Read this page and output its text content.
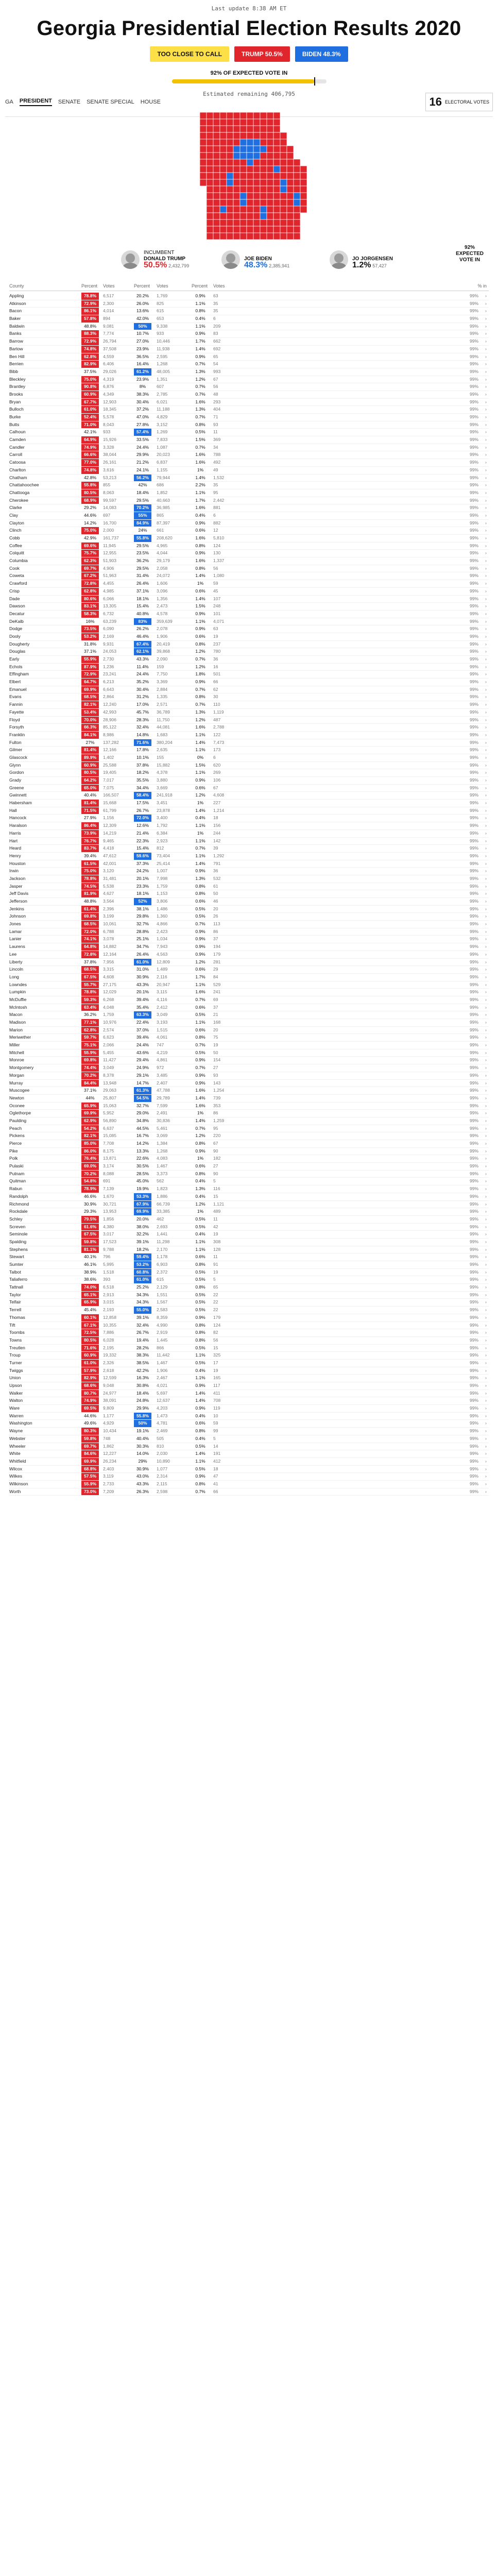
Last update 8:38 AM ET
Georgia Presidential Election Results 2020
TOO CLOSE TO CALL	TRUMP 50.5%	BIDEN 48.3%
92% OF EXPECTED VOTE IN
Estimated remaining 406,795
GA PRESIDENT SENATE SENATE SPECIAL HOUSE	16 ELECTORAL VOTES
INCUMBENT
DONALD TRUMP
50.5% 2,432,799

JOE BIDEN
48.3% 2,385,941

JO JORGENSEN
1.2% 57,427
92%
EXPECTED
VOTE IN
County	Percent Votes	Percent Votes	Percent Votes	% in
Appling	78.8%	6,517	20.2%	1,769	0.9%	63	99% ›
Atkinson	72.9%	2,300	26.0%	825	1.1%	35	99% ›
Bacon	86.1%	4,014	13.6%	615	0.8%	35	99% ›
Baker	57.8%	894	42.0%	653	0.4%	6	99% ›
Baldwin	48.8%	9,081	50%	9,338	1.1%	209	99% ›
Banks	88.3%	7,774	10.7%	933	0.9%	83	99% ›
Barrow	72.9%	26,794	27.0%	10,446	1.7%	662	99% ›
Bartow	74.8%	37,508	23.9%	11,938	1.4%	692	99% ›
Ben Hill	62.8%	4,559	36.5%	2,595	0.9%	65	99% ›
Berrien	82.9%	6,406	16.4%	1,268	0.7%	54	99% ›
Bibb	37.5%	29,026	61.2%	48,005	1.3%	993	99% ›
Bleckley	75.0%	4,319	23.9%	1,351	1.2%	67	99% ›
Brantley	90.8%	6,876	8%	607	0.7%	56	99% ›
Brooks	60.9%	4,349	38.3%	2,785	0.7%	48	99% ›
Bryan	67.7%	12,903	30.4%	6,021	1.6%	293	99% ›
Bulloch	61.0%	18,345	37.2%	11,188	1.3%	404	99% ›
Burke	52.4%	5,578	47.0%	4,829	0.7%	71	99% ›
Butts	71.0%	8,043	27.8%	3,152	0.8%	93	99% ›
Calhoun	42.1%	933	57.4%	1,269	0.5%	11	99% ›
Camden	64.9%	15,926	33.5%	7,833	1.5%	369	99% ›
Candler	74.9%	3,328	24.4%	1,087	0.7%	34	99% ›
Carroll	66.6%	38,044	29.9%	20,023	1.6%	788	99% ›
Catoosa	77.0%	26,161	21.2%	6,837	1.6%	492	99% ›
Charlton	74.8%	3,616	24.1%	1,155	1%	49	99% ›
Chatham	42.8%	53,213	56.2%	79,944	1.4%	1,532	99% ›
Chattahoochee	55.8%	855	42%	686	2.2%	35	99% ›
Chattooga	80.5%	8,063	18.4%	1,852	1.1%	95	99% ›
Cherokee	68.9%	99,597	29.5%	40,663	1.7%	2,442	99% ›
Clarke	29.2%	14,083	70.2%	36,985	1.6%	881	99% ›
Clay	44.6%	697	55%	865	0.4%	6	99% ›
Clayton	14.2%	16,700	84.9%	87,397	0.9%	882	99% ›
Clinch	75.0%	2,000	24%	661	0.6%	12	99% ›
Cobb	42.9%	161,737	55.8%	208,620	1.6%	5,810	99% ›
Coffee	69.6%	11,945	29.5%	4,965	0.8%	124	99% ›
Colquitt	75.7%	12,955	23.5%	4,044	0.9%	130	99% ›
Columbia	62.3%	51,903	36.2%	29,179	1.6%	1,337	99% ›
Cook	69.7%	4,906	29.5%	2,058	0.8%	56	99% ›
Coweta	67.2%	51,963	31.4%	24,072	1.4%	1,080	99% ›
Crawford	72.8%	4,455	26.4%	1,606	1%	59	99% ›
Crisp	62.8%	4,985	37.1%	3,096	0.6%	45	99% ›
Dade	80.6%	6,066	18.1%	1,356	1.4%	107	99% ›
Dawson	83.1%	13,305	15.4%	2,473	1.5%	248	99% ›
Decatur	58.3%	6,732	40.8%	4,578	0.9%	101	99% ›
DeKalb	16%	63,239	83%	359,639	1.1%	4,071	99% ›
Dodge	73.5%	6,090	26.2%	2,078	0.9%	63	99% ›
Dooly	53.2%	2,169	46.4%	1,906	0.6%	19	99% ›
Dougherty	31.8%	9,931	67.4%	20,419	0.8%	237	99% ›
Douglas	37.1%	24,053	62.1%	39,868	1.2%	780	99% ›
Early	55.9%	2,730	43.3%	2,090	0.7%	36	99% ›
Echols	87.9%	1,236	11.4%	159	1.2%	16	99% ›
Effingham	72.9%	23,241	24.4%	7,750	1.8%	501	99% ›
Elbert	64.7%	6,213	35.2%	3,369	0.9%	66	99% ›
Emanuel	69.9%	6,643	30.4%	2,884	0.7%	62	99% ›
Evans	68.5%	2,864	31.2%	1,335	0.8%	30	99% ›
Fannin	82.1%	12,240	17.0%	2,571	0.7%	110	99% ›
Fayette	53.4%	42,993	45.7%	36,789	1.3%	1,119	99% ›
Floyd	70.0%	28,906	28.3%	11,750	1.2%	487	99% ›
Forsyth	66.3%	85,122	32.4%	44,081	1.6%	2,788	99% ›
Franklin	84.1%	8,986	14.8%	1,683	1.1%	122	99% ›
Fulton	27%	137,282	71.6%	380,204	1.4%	7,473	99% ›
Gilmer	81.4%	12,166	17.8%	2,635	1.1%	173	99% ›
Glascock	89.9%	1,402	10.1%	155	0%	6	99% ›
Glynn	60.9%	25,588	37.8%	15,882	1.5%	620	99% ›
Gordon	80.5%	19,405	18.2%	4,378	1.1%	269	99% ›
Grady	64.2%	7,017	35.5%	3,880	0.9%	106	99% ›
Greene	65.0%	7,075	34.4%	3,669	0.6%	67	99% ›
Gwinnett	40.4%	166,507	58.4%	241,918	1.2%	4,608	99% ›
Habersham	81.4%	15,668	17.5%	3,451	1%	227	99% ›
Hall	71.5%	61,799	26.7%	23,878	1.4%	1,214	99% ›
Hancock	27.9%	1,156	72.0%	3,400	0.4%	18	99% ›
Haralson	86.4%	12,309	12.6%	1,792	1.1%	156	99% ›
Harris	73.9%	14,219	21.4%	6,384	1%	244	99% ›
Hart	76.7%	9,465	22.3%	2,923	1.1%	142	99% ›
Heard	83.7%	4,418	15.4%	812	0.7%	39	99% ›
Henry	39.4%	47,612	59.6%	73,404	1.1%	1,292	99% ›
Houston	61.5%	42,001	37.3%	25,414	1.4%	791	99% ›
Irwin	75.0%	3,120	24.2%	1,007	0.9%	36	99% ›
Jackson	78.8%	31,481	20.1%	7,998	1.3%	532	99% ›
Jasper	74.5%	5,538	23.3%	1,759	0.8%	61	99% ›
Jeff Davis	81.9%	4,627	18.1%	1,153	0.8%	50	99% ›
Jefferson	48.8%	3,564	52%	3,806	0.6%	46	99% ›
Jenkins	61.4%	2,396	38.1%	1,486	0.5%	20	99% ›
Johnson	69.8%	3,199	29.8%	1,360	0.5%	26	99% ›
Jones	68.5%	10,061	32.7%	4,866	0.7%	113	99% ›
Lamar	72.0%	6,788	28.8%	2,423	0.9%	86	99% ›
Lanier	74.1%	3,078	25.1%	1,034	0.9%	37	99% ›
Laurens	64.8%	14,882	34.7%	7,943	0.9%	194	99% ›
Lee	72.8%	12,164	26.4%	4,563	0.9%	179	99% ›
Liberty	37.8%	7,956	61.0%	12,809	1.2%	281	99% ›
Lincoln	68.5%	3,315	31.0%	1,489	0.6%	29	99% ›
Long	67.5%	4,608	30.9%	2,116	1.7%	84	99% ›
Lowndes	55.7%	27,175	43.3%	20,947	1.1%	529	99% ›
Lumpkin	78.8%	12,029	20.1%	3,115	1.6%	241	99% ›
McDuffie	59.3%	6,268	39.4%	4,116	0.7%	69	99% ›
McIntosh	63.4%	4,048	35.4%	2,412	0.6%	37	99% ›
Macon	36.2%	1,759	63.3%	3,049	0.5%	21	99% ›
Madison	77.1%	10,976	22.4%	3,193	1.1%	168	99% ›
Marion	62.8%	2,574	37.0%	1,515	0.6%	20	99% ›
Meriwether	59.7%	6,623	39.4%	4,061	0.8%	75	99% ›
Miller	75.1%	2,066	24.4%	747	0.7%	19	99% ›
Mitchell	55.9%	5,455	43.6%	4,219	0.5%	50	99% ›
Monroe	69.8%	11,427	29.4%	4,861	0.9%	154	99% ›
Montgomery	74.4%	3,049	24.9%	972	0.7%	27	99% ›
Morgan	70.2%	8,378	29.1%	3,485	0.9%	93	99% ›
Murray	84.4%	13,948	14.7%	2,407	0.9%	143	99% ›
Muscogee	37.1%	29,063	61.3%	47,788	1.6%	1,254	99% ›
Newton	44%	25,807	54.5%	29,789	1.4%	739	99% ›
Oconee	65.9%	15,063	32.7%	7,599	1.6%	353	99% ›
Oglethorpe	69.9%	5,952	29.0%	2,491	1%	86	99% ›
Paulding	62.9%	56,890	34.8%	30,836	1.4%	1,259	99% ›
Peach	54.2%	6,637	44.5%	5,461	0.7%	95	99% ›
Pickens	82.1%	15,085	16.7%	3,069	1.2%	220	99% ›
Pierce	85.0%	7,708	14.2%	1,384	0.8%	67	99% ›
Pike	86.0%	8,175	13.3%	1,268	0.9%	90	99% ›
Polk	76.4%	13,871	22.6%	4,083	1%	182	99% ›
Pulaski	69.0%	3,174	30.5%	1,467	0.6%	27	99% ›
Putnam	70.2%	8,088	28.5%	3,373	0.8%	90	99% ›
Quitman	54.8%	691	45.0%	562	0.4%	5	99% ›
Rabun	78.9%	7,139	19.9%	1,823	1.3%	116	99% ›
Randolph	46.6%	1,670	53.3%	1,886	0.4%	15	99% ›
Richmond	30.9%	30,721	67.9%	66,739	1.2%	1,121	99% ›
Rockdale	29.3%	13,953	69.9%	33,385	1%	489	99% ›
Schley	79.5%	1,856	20.0%	462	0.5%	11	99% ›
Screven	61.6%	4,380	38.0%	2,693	0.5%	42	99% ›
Seminole	67.5%	3,017	32.2%	1,441	0.4%	19	99% ›
Spalding	59.8%	17,523	39.1%	11,298	1.1%	308	99% ›
Stephens	81.1%	9,788	18.2%	2,170	1.1%	128	99% ›
Stewart	40.1%	796	59.4%	1,178	0.6%	11	99% ›
Sumter	46.1%	5,995	53.2%	6,903	0.8%	91	99% ›
Talbot	38.9%	1,518	60.8%	2,372	0.5%	19	99% ›
Taliaferro	38.6%	393	61.0%	615	0.5%	5	99% ›
Tattnall	74.0%	6,518	25.2%	2,129	0.8%	65	99% ›
Taylor	65.1%	2,913	34.3%	1,551	0.5%	22	99% ›
Telfair	65.9%	3,015	34.3%	1,567	0.5%	22	99% ›
Terrell	45.4%	2,193	55.0%	2,583	0.5%	22	99% ›
Thomas	60.1%	12,858	39.1%	8,359	0.9%	179	99% ›
Tift	67.1%	10,355	32.4%	4,990	0.8%	124	99% ›
Toombs	72.5%	7,886	26.7%	2,919	0.8%	82	99% ›
Towns	80.5%	6,028	19.4%	1,445	0.8%	56	99% ›
Treutlen	71.6%	2,195	28.2%	866	0.5%	15	99% ›
Troup	60.9%	19,332	38.3%	11,442	1.1%	325	99% ›
Turner	61.0%	2,326	38.5%	1,467	0.5%	17	99% ›
Twiggs	57.9%	2,618	42.2%	1,906	0.4%	19	99% ›
Union	82.9%	12,599	16.3%	2,467	1.1%	165	99% ›
Upson	68.6%	9,048	30.8%	4,021	0.9%	117	99% ›
Walker	80.7%	24,977	18.4%	5,697	1.4%	411	99% ›
Walton	74.9%	38,091	24.8%	12,637	1.4%	708	99% ›
Ware	69.5%	9,809	29.9%	4,203	0.9%	119	99% ›
Warren	44.6%	1,177	55.8%	1,473	0.4%	10	99% ›
Washington	49.6%	4,929	50%	4,781	0.6%	59	99% ›
Wayne	80.3%	10,434	19.1%	2,469	0.8%	99	99% ›
Webster	59.8%	748	40.4%	505	0.4%	5	99% ›
Wheeler	69.7%	1,862	30.3%	810	0.5%	14	99% ›
White	84.6%	12,227	14.0%	2,030	1.4%	191	99% ›
Whitfield	69.9%	26,234	29%	10,890	1.1%	412	99% ›
Wilcox	68.8%	2,403	30.9%	1,077	0.5%	18	99% ›
Wilkes	57.5%	3,119	43.0%	2,314	0.9%	47	99% ›
Wilkinson	55.9%	2,733	43.3%	2,115	0.8%	41	99% ›
Worth	73.0%	7,209	26.3%	2,598	0.7%	66	99% ›
